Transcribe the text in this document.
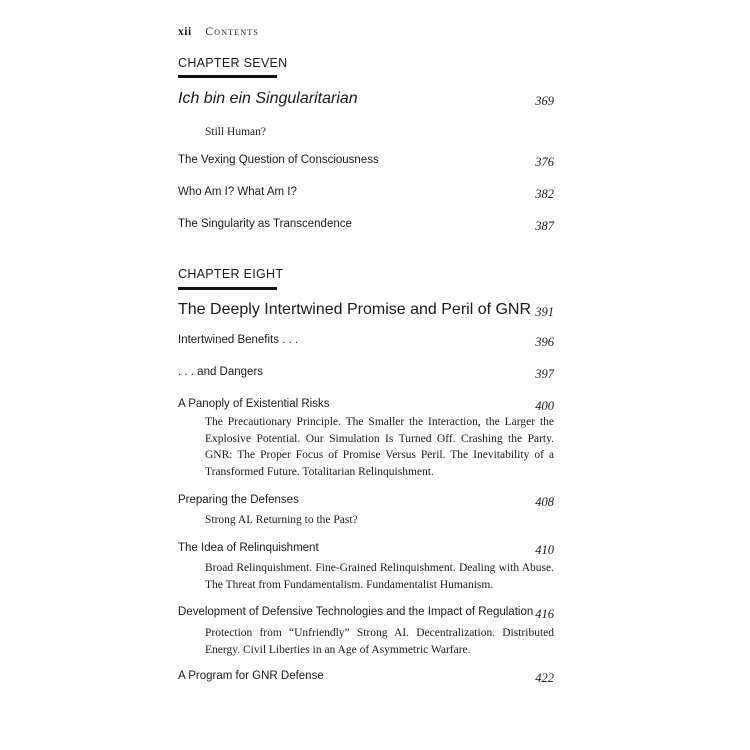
xii Contents
CHAPTER SEVEN
Ich bin ein Singularitarian	369
Still Human?
The Vexing Question of Consciousness	376
Who Am I? What Am I?	382
The Singularity as Transcendence	387
CHAPTER EIGHT
The Deeply Intertwined Promise and Peril of GNR 391
Intertwined Benefits . . .	396
. . . and Dangers	397
A Panoply of Existential Risks	400
The Precautionary Principle. The Smaller the Interaction, the Larger the Explosive Potential. Our Simulation Is Turned Off. Crashing the Party. GNR: The Proper Focus of Promise Versus Peril. The Inevitability of a Transformed Future. Totalitarian Relinquishment.
Preparing the Defenses	408
Strong AI. Returning to the Past?
The Idea of Relinquishment	410
Broad Relinquishment. Fine-Grained Relinquishment. Dealing with Abuse. The Threat from Fundamentalism. Fundamentalist Humanism.
Development of Defensive Technologies and the Impact of Regulation 416
Protection from “Unfriendly” Strong AI. Decentralization. Distributed Energy. Civil Liberties in an Age of Asymmetric Warfare.
A Program for GNR Defense	422
